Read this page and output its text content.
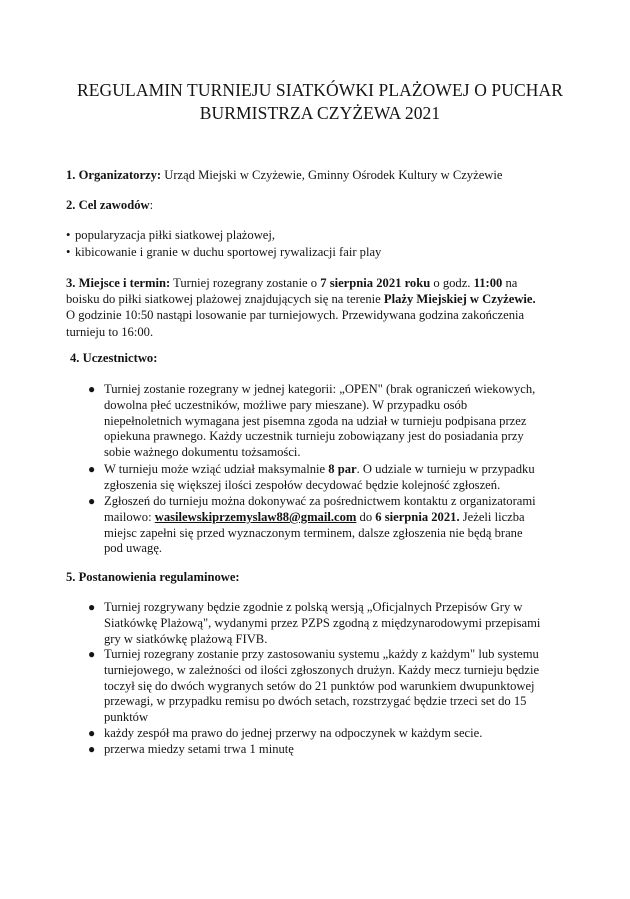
REGULAMIN TURNIEJU SIATKÓWKI PLAŻOWEJ O PUCHAR
BURMISTRZA CZYŻEWA 2021
1. Organizatorzy: Urząd Miejski w Czyżewie, Gminny Ośrodek Kultury w Czyżewie
2. Cel zawodów:
• popularyzacja piłki siatkowej plażowej,
• kibicowanie i granie w duchu sportowej rywalizacji fair play
3. Miejsce i termin: Turniej rozegrany zostanie o 7 sierpnia 2021 roku o godz. 11:00 na
boisku do piłki siatkowej plażowej znajdujących się na terenie Plaży Miejskiej w Czyżewie.
O godzinie 10:50 nastąpi losowanie par turniejowych. Przewidywana godzina zakończenia
turnieju to 16:00.
4. Uczestnictwo:
● Turniej zostanie rozegrany w jednej kategorii: „OPEN" (brak ograniczeń wiekowych,
dowolna płeć uczestników, możliwe pary mieszane). W przypadku osób
niepełnoletnich wymagana jest pisemna zgoda na udział w turnieju podpisana przez
opiekuna prawnego. Każdy uczestnik turnieju zobowiązany jest do posiadania przy
sobie ważnego dokumentu tożsamości.
● W turnieju może wziąć udział maksymalnie 8 par. O udziale w turnieju w przypadku
zgłoszenia się większej ilości zespołów decydować będzie kolejność zgłoszeń.
● Zgłoszeń do turnieju można dokonywać za pośrednictwem kontaktu z organizatorami
mailowo: wasilewskiprzemyslaw88@gmail.com do 6 sierpnia 2021. Jeżeli liczba
miejsc zapełni się przed wyznaczonym terminem, dalsze zgłoszenia nie będą brane
pod uwagę.
5. Postanowienia regulaminowe:
● Turniej rozgrywany będzie zgodnie z polską wersją „Oficjalnych Przepisów Gry w
Siatkówkę Plażową", wydanymi przez PZPS zgodną z międzynarodowymi przepisami
gry w siatkówkę plażową FIVB.
● Turniej rozegrany zostanie przy zastosowaniu systemu „każdy z każdym" lub systemu
turniejowego, w zależności od ilości zgłoszonych drużyn. Każdy mecz turnieju będzie
toczył się do dwóch wygranych setów do 21 punktów pod warunkiem dwupunktowej
przewagi, w przypadku remisu po dwóch setach, rozstrzygać będzie trzeci set do 15
punktów
● każdy zespół ma prawo do jednej przerwy na odpoczynek w każdym secie.
● przerwa miedzy setami trwa 1 minutę
